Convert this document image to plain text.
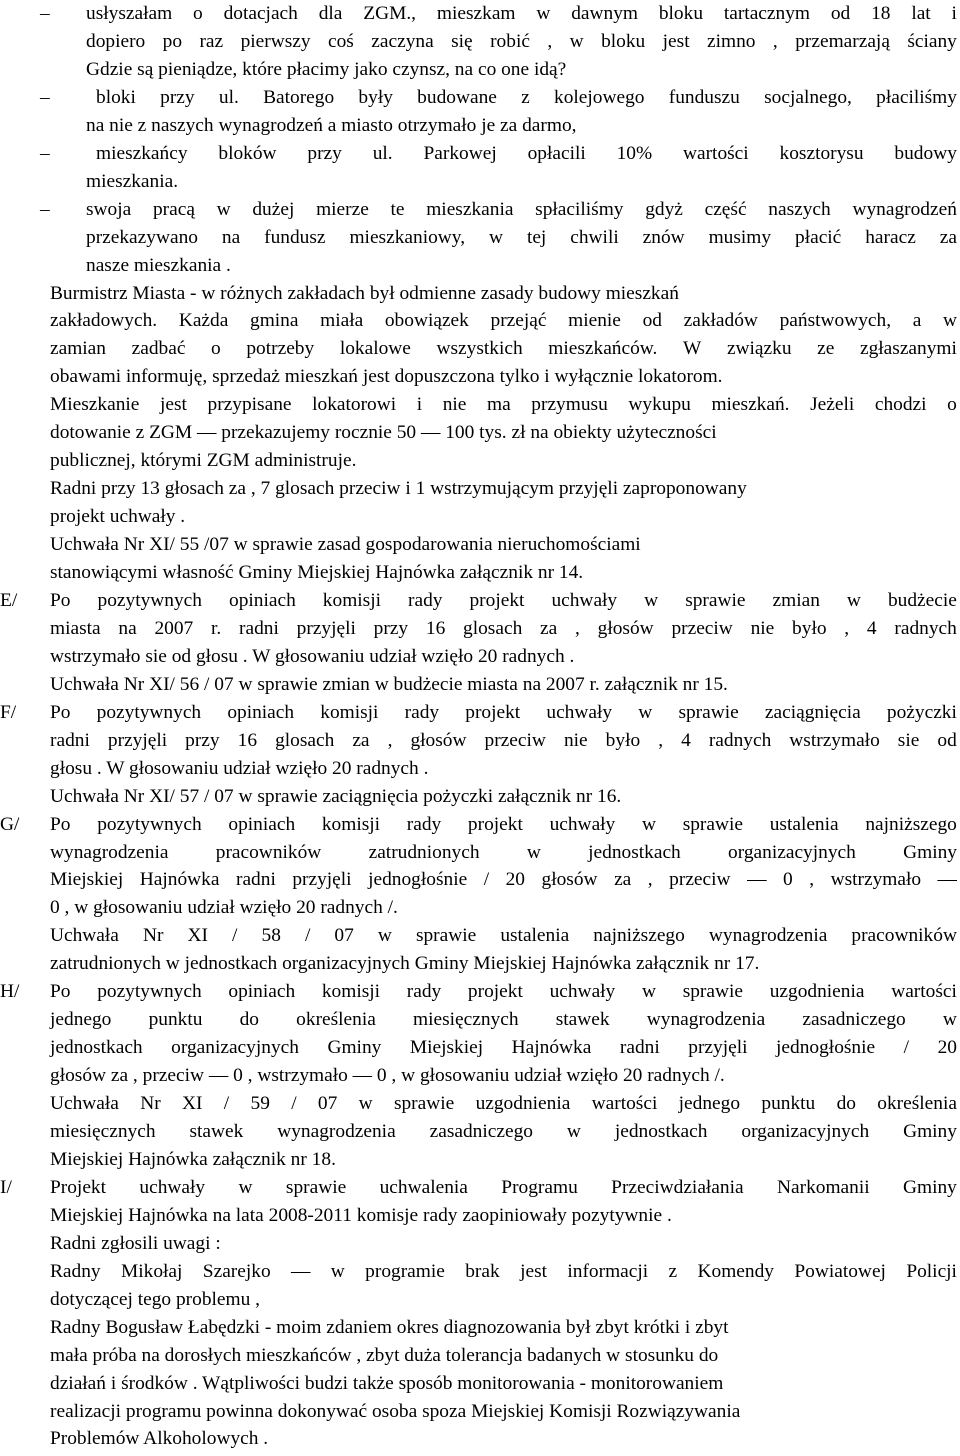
– usłyszałam o dotacjach dla ZGM., mieszkam w dawnym bloku tartacznym od 18 lat i
dopiero po raz pierwszy coś zaczyna się robić , w bloku jest zimno , przemarzają ściany
Gdzie są pieniądze, które płacimy jako czynsz, na co one idą?
– bloki przy ul. Batorego były budowane z kolejowego funduszu socjalnego, płaciliśmy
na nie z naszych wynagrodzeń a miasto otrzymało je za darmo,
– mieszkańcy bloków przy ul. Parkowej opłacili 10% wartości kosztorysu budowy
mieszkania.
– swoja pracą w dużej mierze te mieszkania spłaciliśmy gdyż część naszych wynagrodzeń
przekazywano na fundusz mieszkaniowy, w tej chwili znów musimy płacić haracz za
nasze mieszkania .
Burmistrz Miasta - w różnych zakładach był odmienne zasady budowy mieszkań
zakładowych. Każda gmina miała obowiązek przejąć mienie od zakładów państwowych, a w
zamian zadbać o potrzeby lokalowe wszystkich mieszkańców. W związku ze zgłaszanymi
obawami informuję, sprzedaż mieszkań jest dopuszczona tylko i wyłącznie lokatorom.
Mieszkanie jest przypisane lokatorowi i nie ma przymusu wykupu mieszkań. Jeżeli chodzi o
dotowanie z ZGM — przekazujemy rocznie 50 — 100 tys. zł na obiekty użyteczności
publicznej, którymi ZGM administruje.
Radni przy 13 głosach za , 7 glosach przeciw i 1 wstrzymującym przyjęli zaproponowany
projekt uchwały .
Uchwała Nr XI/ 55 /07 w sprawie zasad gospodarowania nieruchomościami
stanowiącymi własność Gminy Miejskiej Hajnówka załącznik nr 14.
E/ Po pozytywnych opiniach komisji rady projekt uchwały w sprawie zmian w budżecie
miasta na 2007 r. radni przyjęli przy 16 glosach za , głosów przeciw nie było , 4 radnych
wstrzymało sie od głosu . W głosowaniu udział wzięło 20 radnych .
Uchwała Nr XI/ 56 / 07 w sprawie zmian w budżecie miasta na 2007 r. załącznik nr 15.
F/ Po pozytywnych opiniach komisji rady projekt uchwały w sprawie zaciągnięcia pożyczki
radni przyjęli przy 16 glosach za , głosów przeciw nie było , 4 radnych wstrzymało sie od
głosu . W głosowaniu udział wzięło 20 radnych .
Uchwała Nr XI/ 57 / 07 w sprawie zaciągnięcia pożyczki załącznik nr 16.
G/ Po pozytywnych opiniach komisji rady projekt uchwały w sprawie ustalenia najniższego
wynagrodzenia pracowników zatrudnionych w jednostkach organizacyjnych Gminy
Miejskiej Hajnówka radni przyjęli jednogłośnie / 20 głosów za , przeciw — 0 , wstrzymało —
0 , w głosowaniu udział wzięło 20 radnych /.
Uchwała Nr XI / 58 / 07 w sprawie ustalenia najniższego wynagrodzenia pracowników
zatrudnionych w jednostkach organizacyjnych Gminy Miejskiej Hajnówka załącznik nr 17.
H/ Po pozytywnych opiniach komisji rady projekt uchwały w sprawie uzgodnienia wartości
jednego punktu do określenia miesięcznych stawek wynagrodzenia zasadniczego w
jednostkach organizacyjnych Gminy Miejskiej Hajnówka radni przyjęli jednogłośnie / 20
głosów za , przeciw — 0 , wstrzymało — 0 , w głosowaniu udział wzięło 20 radnych /.
Uchwała Nr XI / 59 / 07 w sprawie uzgodnienia wartości jednego punktu do określenia
miesięcznych stawek wynagrodzenia zasadniczego w jednostkach organizacyjnych Gminy
Miejskiej Hajnówka załącznik nr 18.
I/ Projekt uchwały w sprawie uchwalenia Programu Przeciwdziałania Narkomanii Gminy
Miejskiej Hajnówka na lata 2008-2011 komisje rady zaopiniowały pozytywnie .
Radni zgłosili uwagi :
Radny Mikołaj Szarejko — w programie brak jest informacji z Komendy Powiatowej Policji
dotyczącej tego problemu ,
Radny Bogusław Łabędzki - moim zdaniem okres diagnozowania był zbyt krótki i zbyt
mała próba na dorosłych mieszkańców , zbyt duża tolerancja badanych w stosunku do
działań i środków . Wątpliwości budzi także sposób monitorowania - monitorowaniem
realizacji programu powinna dokonywać osoba spoza Miejskiej Komisji Rozwiązywania
Problemów Alkoholowych .
